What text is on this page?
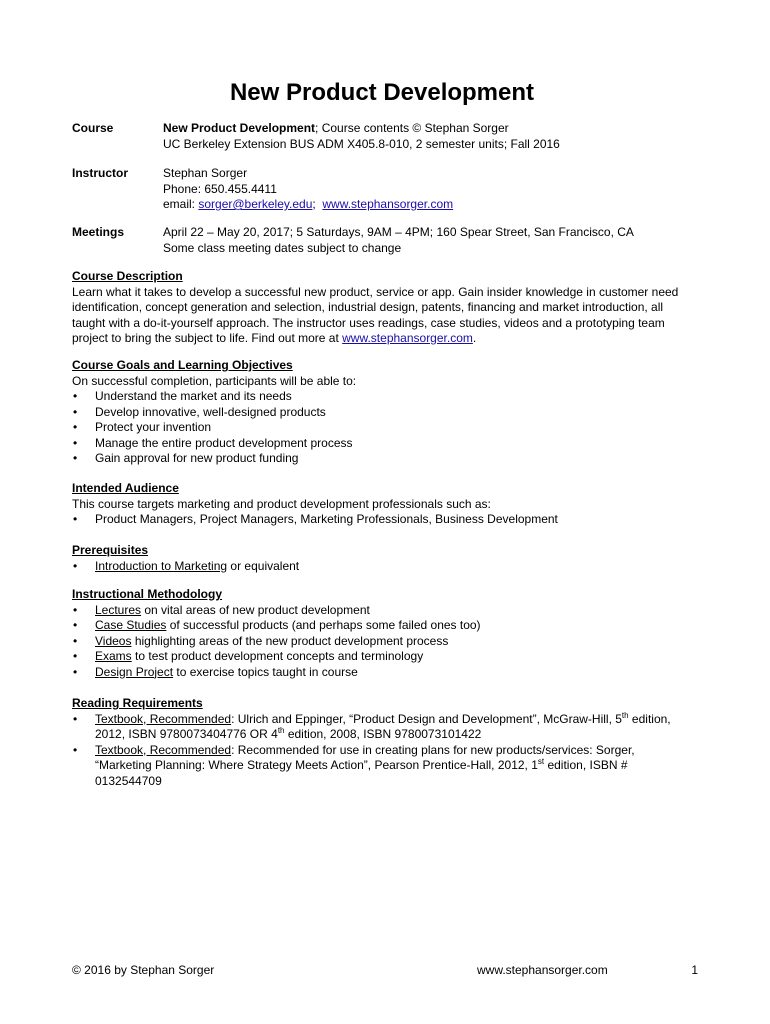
New Product Development
Course	New Product Development; Course contents © Stephan Sorger
UC Berkeley Extension BUS ADM X405.8-010, 2 semester units; Fall 2016
Instructor	Stephan Sorger
Phone: 650.455.4411
email: sorger@berkeley.edu;  www.stephansorger.com
Meetings	April 22 – May 20, 2017; 5 Saturdays, 9AM – 4PM; 160 Spear Street, San Francisco, CA
Some class meeting dates subject to change
Course Description

Learn what it takes to develop a successful new product, service or app. Gain insider knowledge in customer need identification, concept generation and selection, industrial design, patents, financing and market introduction, all taught with a do-it-yourself approach. The instructor uses readings, case studies, videos and a prototyping team project to bring the subject to life. Find out more at www.stephansorger.com.

Course Goals and Learning Objectives

On successful completion, participants will be able to:

• Understand the market and its needs
• Develop innovative, well-designed products
• Protect your invention
• Manage the entire product development process
• Gain approval for new product funding
Intended Audience

This course targets marketing and product development professionals such as:

• Product Managers, Project Managers, Marketing Professionals, Business Development
Prerequisites
• Introduction to Marketing or equivalent
Instructional Methodology
• Lectures on vital areas of new product development
• Case Studies of successful products (and perhaps some failed ones too)
• Videos highlighting areas of the new product development process
• Exams to test product development concepts and terminology
• Design Project to exercise topics taught in course
Reading Requirements
• Textbook, Recommended: Ulrich and Eppinger, “Product Design and Development”, McGraw-Hill, 5th edition, 2012, ISBN 9780073404776 OR 4th edition, 2008, ISBN 9780073101422
• Textbook, Recommended: Recommended for use in creating plans for new products/services: Sorger, “Marketing Planning: Where Strategy Meets Action”, Pearson Prentice-Hall, 2012, 1st edition, ISBN # 0132544709
© 2016 by Stephan Sorger	www.stephansorger.com	1
